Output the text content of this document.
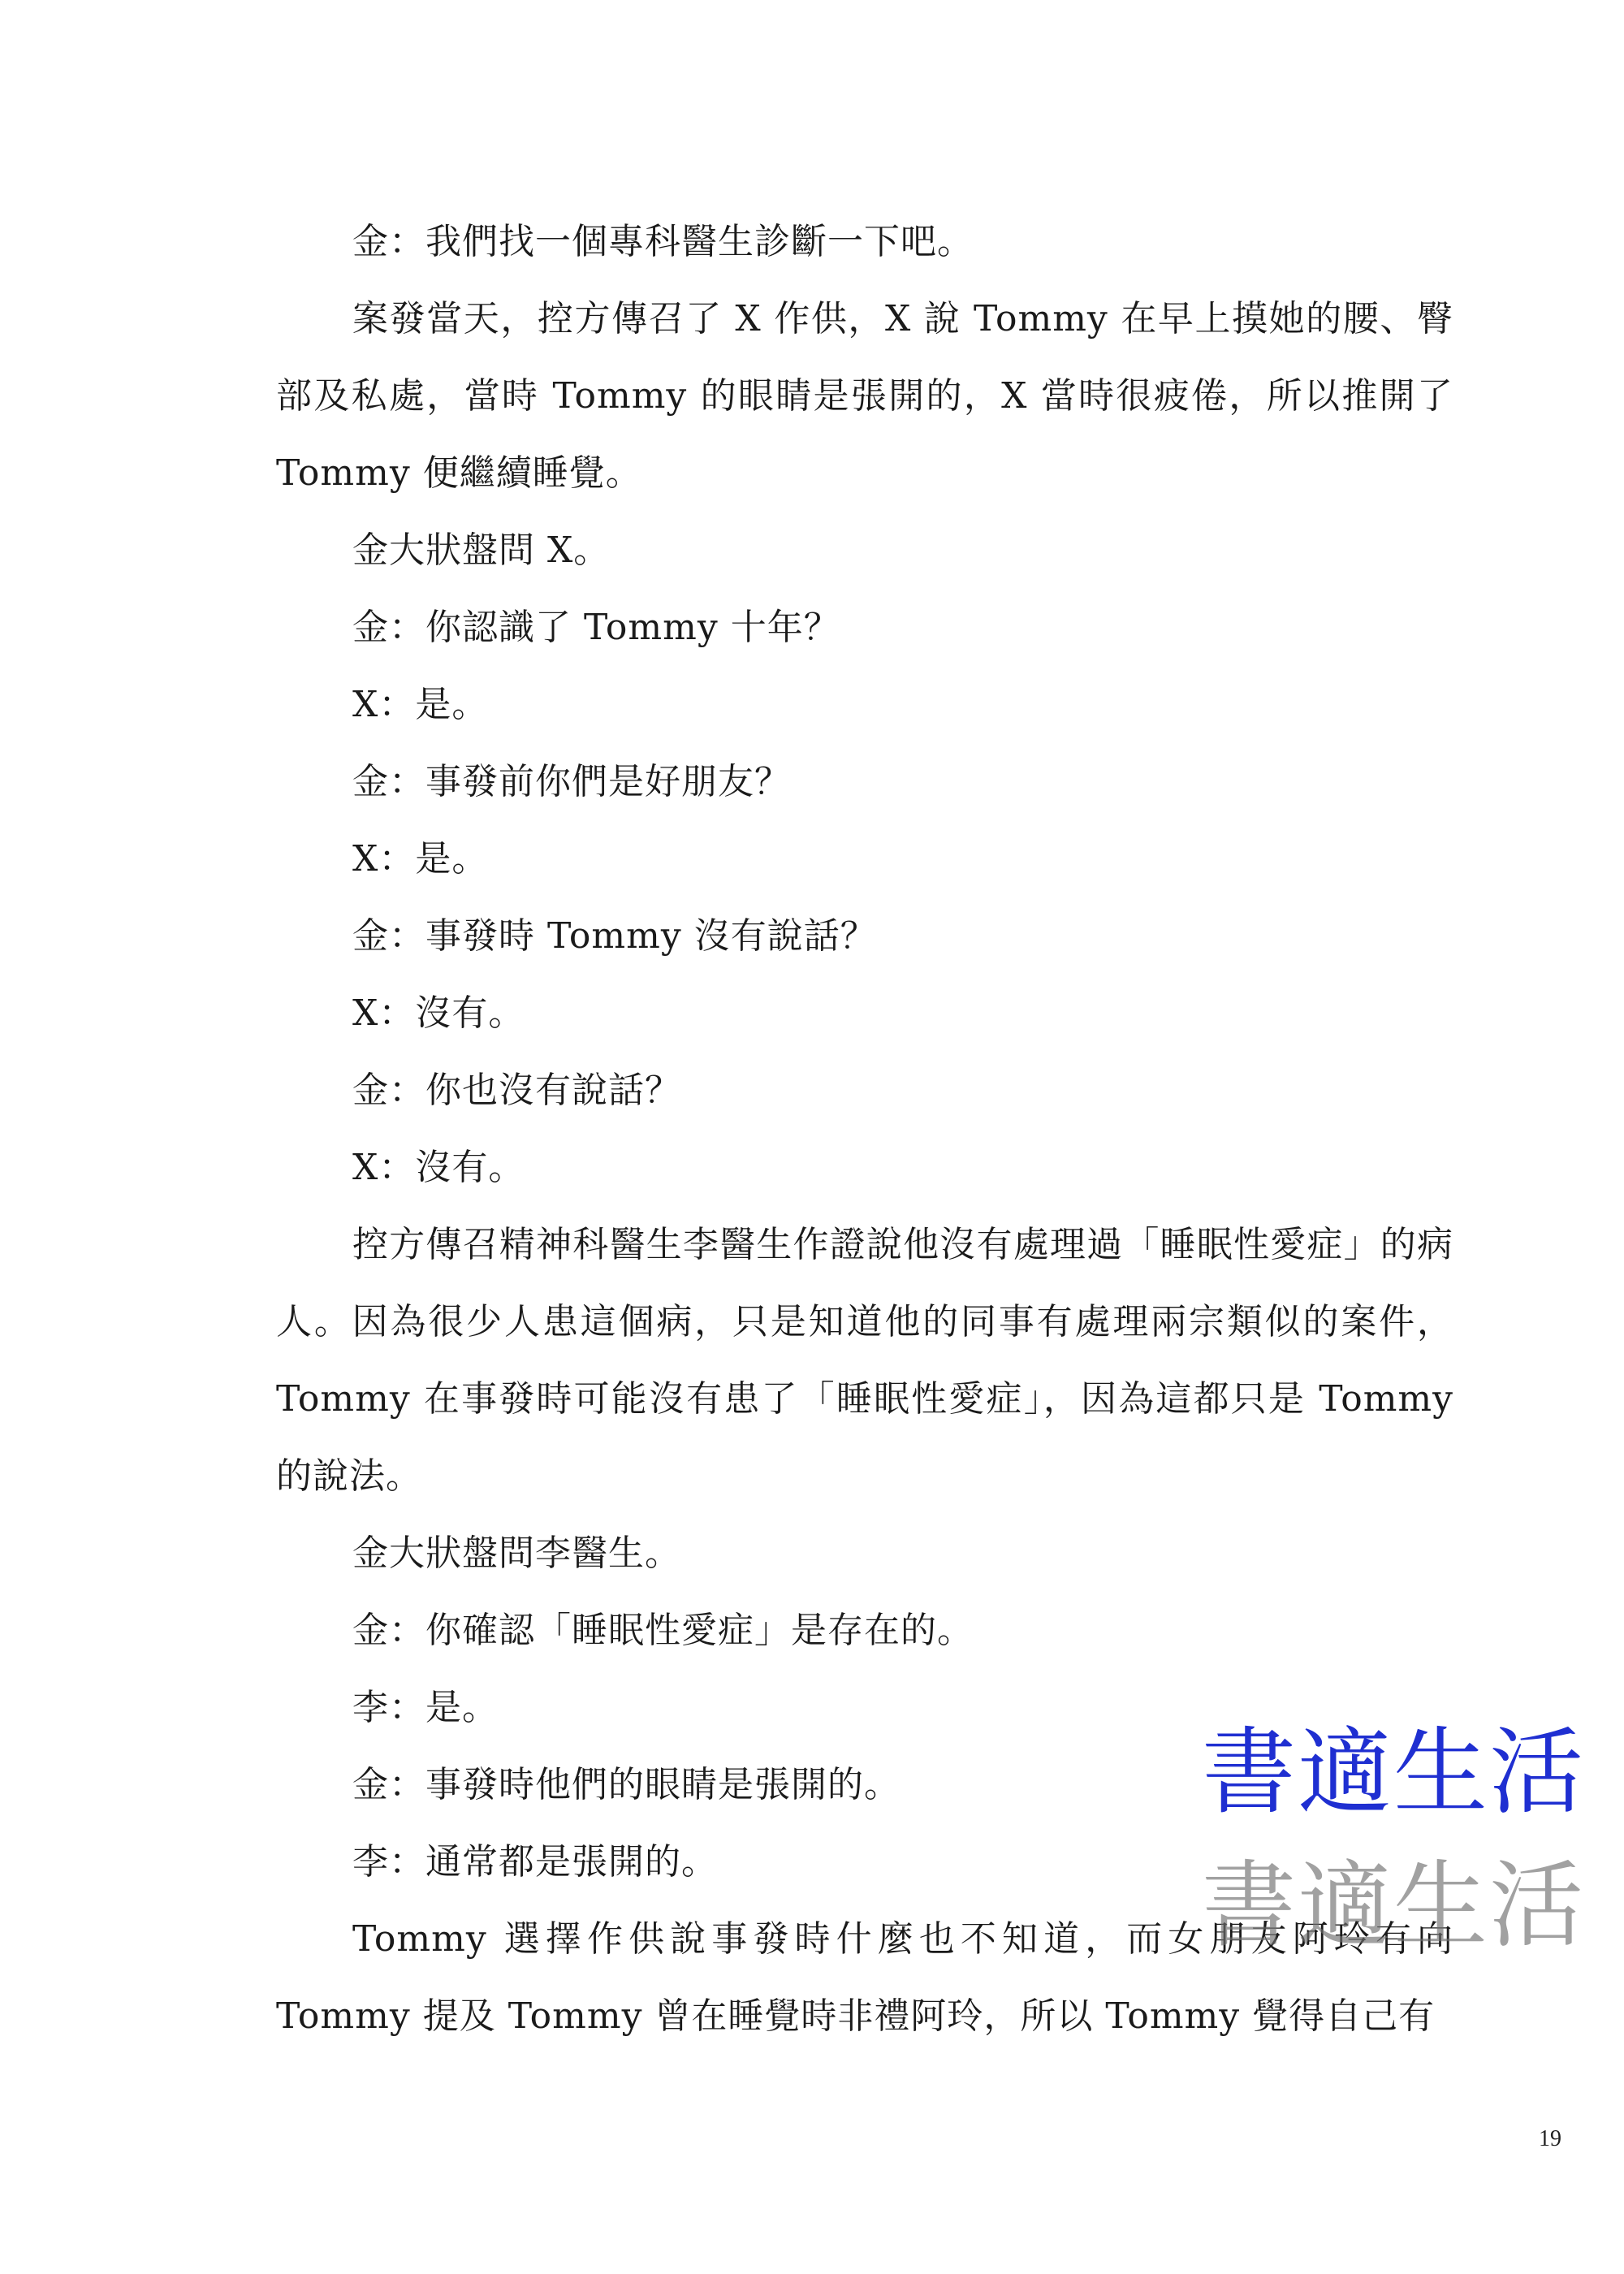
金：我們找一個專科醫生診斷一下吧。

案發當天，控方傳召了 X 作供，X 說 Tommy 在早上摸她的腰、臀部及私處，當時 Tommy 的眼睛是張開的，X 當時很疲倦，所以推開了 Tommy 便繼續睡覺。

金大狀盤問 X。

金：你認識了 Tommy 十年？

X：是。

金：事發前你們是好朋友？

X：是。

金：事發時 Tommy 沒有說話？

X：沒有。

金：你也沒有說話？

X：沒有。

控方傳召精神科醫生李醫生作證說他沒有處理過「睡眠性愛症」的病人。因為很少人患這個病，只是知道他的同事有處理兩宗類似的案件，Tommy 在事發時可能沒有患了「睡眠性愛症」，因為這都只是 Tommy 的說法。

金大狀盤問李醫生。

金：你確認「睡眠性愛症」是存在的。

李：是。

金：事發時他們的眼睛是張開的。

李：通常都是張開的。

Tommy 選擇作供說事發時什麼也不知道，而女朋友阿玲有向 Tommy 提及 Tommy 曾在睡覺時非禮阿玲，所以 Tommy 覺得自己有

書適生活
書適生活
19
